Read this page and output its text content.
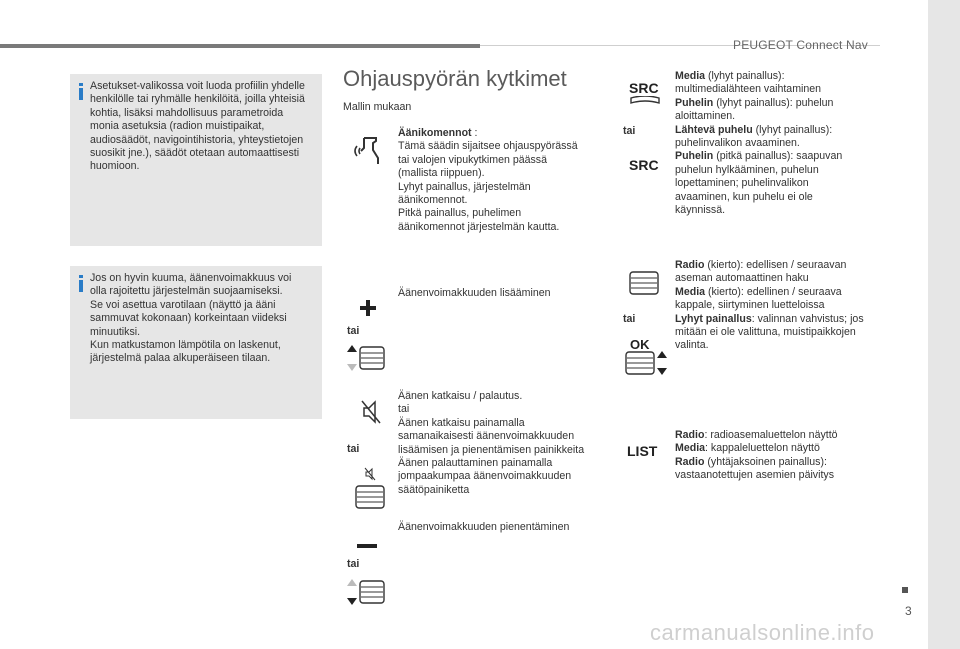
PEUGEOT Connect Nav
3
carmanualsonline.info
Asetukset-valikossa voit luoda profiilin yhdelle
henkilölle tai ryhmälle henkilöitä, joilla yhteisiä
kohtia, lisäksi mahdollisuus parametroida
monia asetuksia (radion muistipaikat,
audiosäädöt, navigointihistoria, yhteystietojen
suosikit jne.), säädöt otetaan automaattisesti
huomioon.
Jos on hyvin kuuma, äänenvoimakkuus voi
olla rajoitettu järjestelmän suojaamiseksi.
Se voi asettua varotilaan (näyttö ja ääni
sammuvat kokonaan) korkeintaan viideksi
minuutiksi.
Kun matkustamon lämpötila on laskenut,
järjestelmä palaa alkuperäiseen tilaan.
Ohjauspyörän kytkimet
Mallin mukaan
Äänikomennot :
Tämä säädin sijaitsee ohjauspyörässä
tai valojen vipukytkimen päässä
(mallista riippuen).
Lyhyt painallus, järjestelmän
äänikomennot.
Pitkä painallus, puhelimen
äänikomennot järjestelmän kautta.
tai
Äänenvoimakkuuden lisääminen
tai
Äänen katkaisu / palautus.
tai
Äänen katkaisu painamalla
samanaikaisesti äänenvoimakkuuden
lisäämisen ja pienentämisen painikkeita
Äänen palauttaminen painamalla
jompaakumpaa äänenvoimakkuuden
säätöpainiketta
tai
Äänenvoimakkuuden pienentäminen
SRC
tai
SRC
Media (lyhyt painallus):
multimedialähteen vaihtaminen
Puhelin (lyhyt painallus): puhelun
aloittaminen.
Lähtevä puhelu (lyhyt painallus):
puhelinvalikon avaaminen.
Puhelin (pitkä painallus): saapuvan
puhelun hylkääminen, puhelun
lopettaminen; puhelinvalikon
avaaminen, kun puhelu ei ole
käynnissä.
tai
OK
Radio (kierto): edellisen / seuraavan
aseman automaattinen haku
Media (kierto): edellinen / seuraava
kappale, siirtyminen luetteloissa
Lyhyt painallus: valinnan vahvistus; jos
mitään ei ole valittuna, muistipaikkojen
valinta.
LIST
Radio: radioasemaluettelon näyttö
Media: kappaleluettelon näyttö
Radio (yhtäjaksoinen painallus):
vastaanotettujen asemien päivitys
